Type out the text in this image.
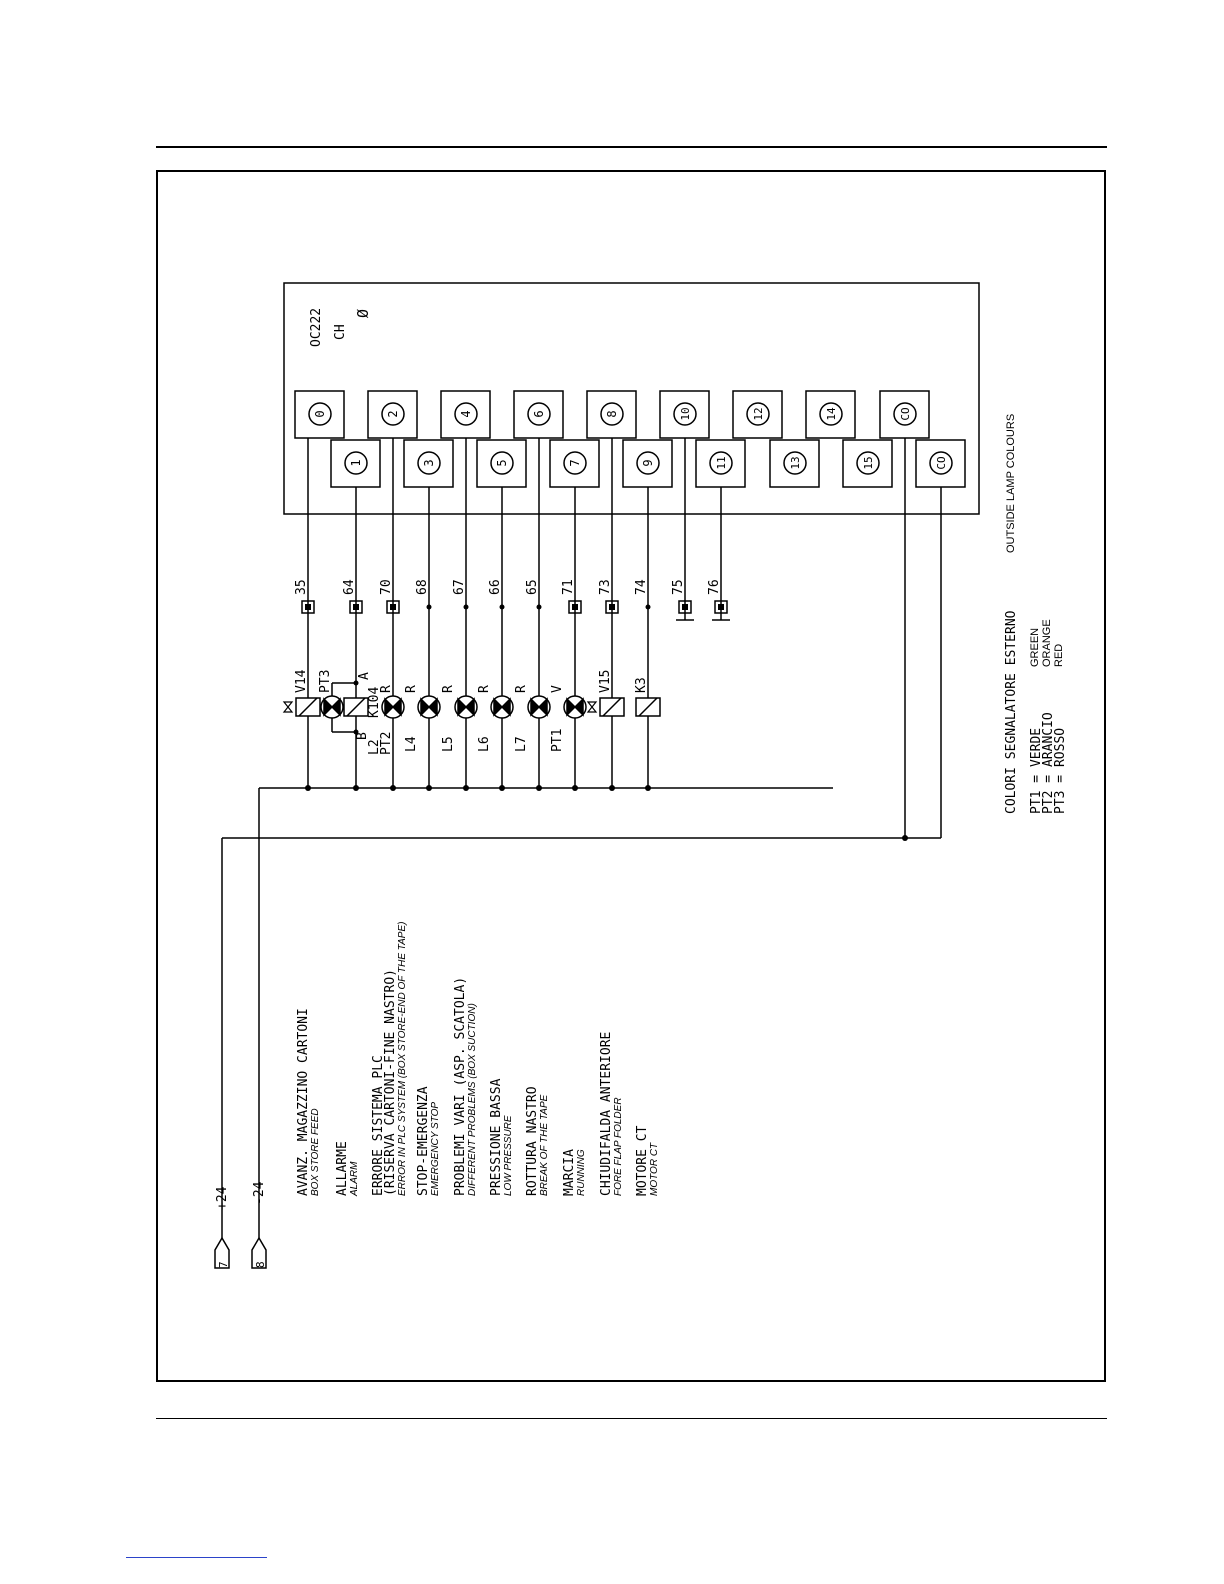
OC222 CH
Ø
0	2	4	6	8	10	12	14	CO
1	3	5	7	9	11	13	15	CO
35	64 70 68 67 66 65 71 73 74 75 76
V14 PT3 A
R R R R R V	V15 K3
K104
B
L2
PT2 L4 L5 L6 L7 PT1
+24 -24
7 8
COLORI SEGNALATORE ESTERNO
OUTSIDE LAMP COLOURS
PT1 = VERDE
PT2 = ARANCIO
PT3 = ROSSO
GREEN ORANGE RED
AVANZ. MAGAZZINO CARTONI BOX STORE FEED ALLARME ALARM ERRORE SISTEMA PLC
(RISERVA CARTONI-FINE NASTRO) ERROR IN PLC SYSTEM (BOX STORE-END OF THE TAPE) STOP-EMERGENZA EMERGENCY STOP PROBLEMI VARI (ASP. SCATOLA) DIFFERENT PROBLEMS (BOX SUCTION) PRESSIONE BASSA LOW PRESSURE ROTTURA NASTRO BREAK OF THE TAPE MARCIA RUNNING CHIUDIFALDA ANTERIORE FORE FLAP FOLDER MOTORE CT MOTOR CT
